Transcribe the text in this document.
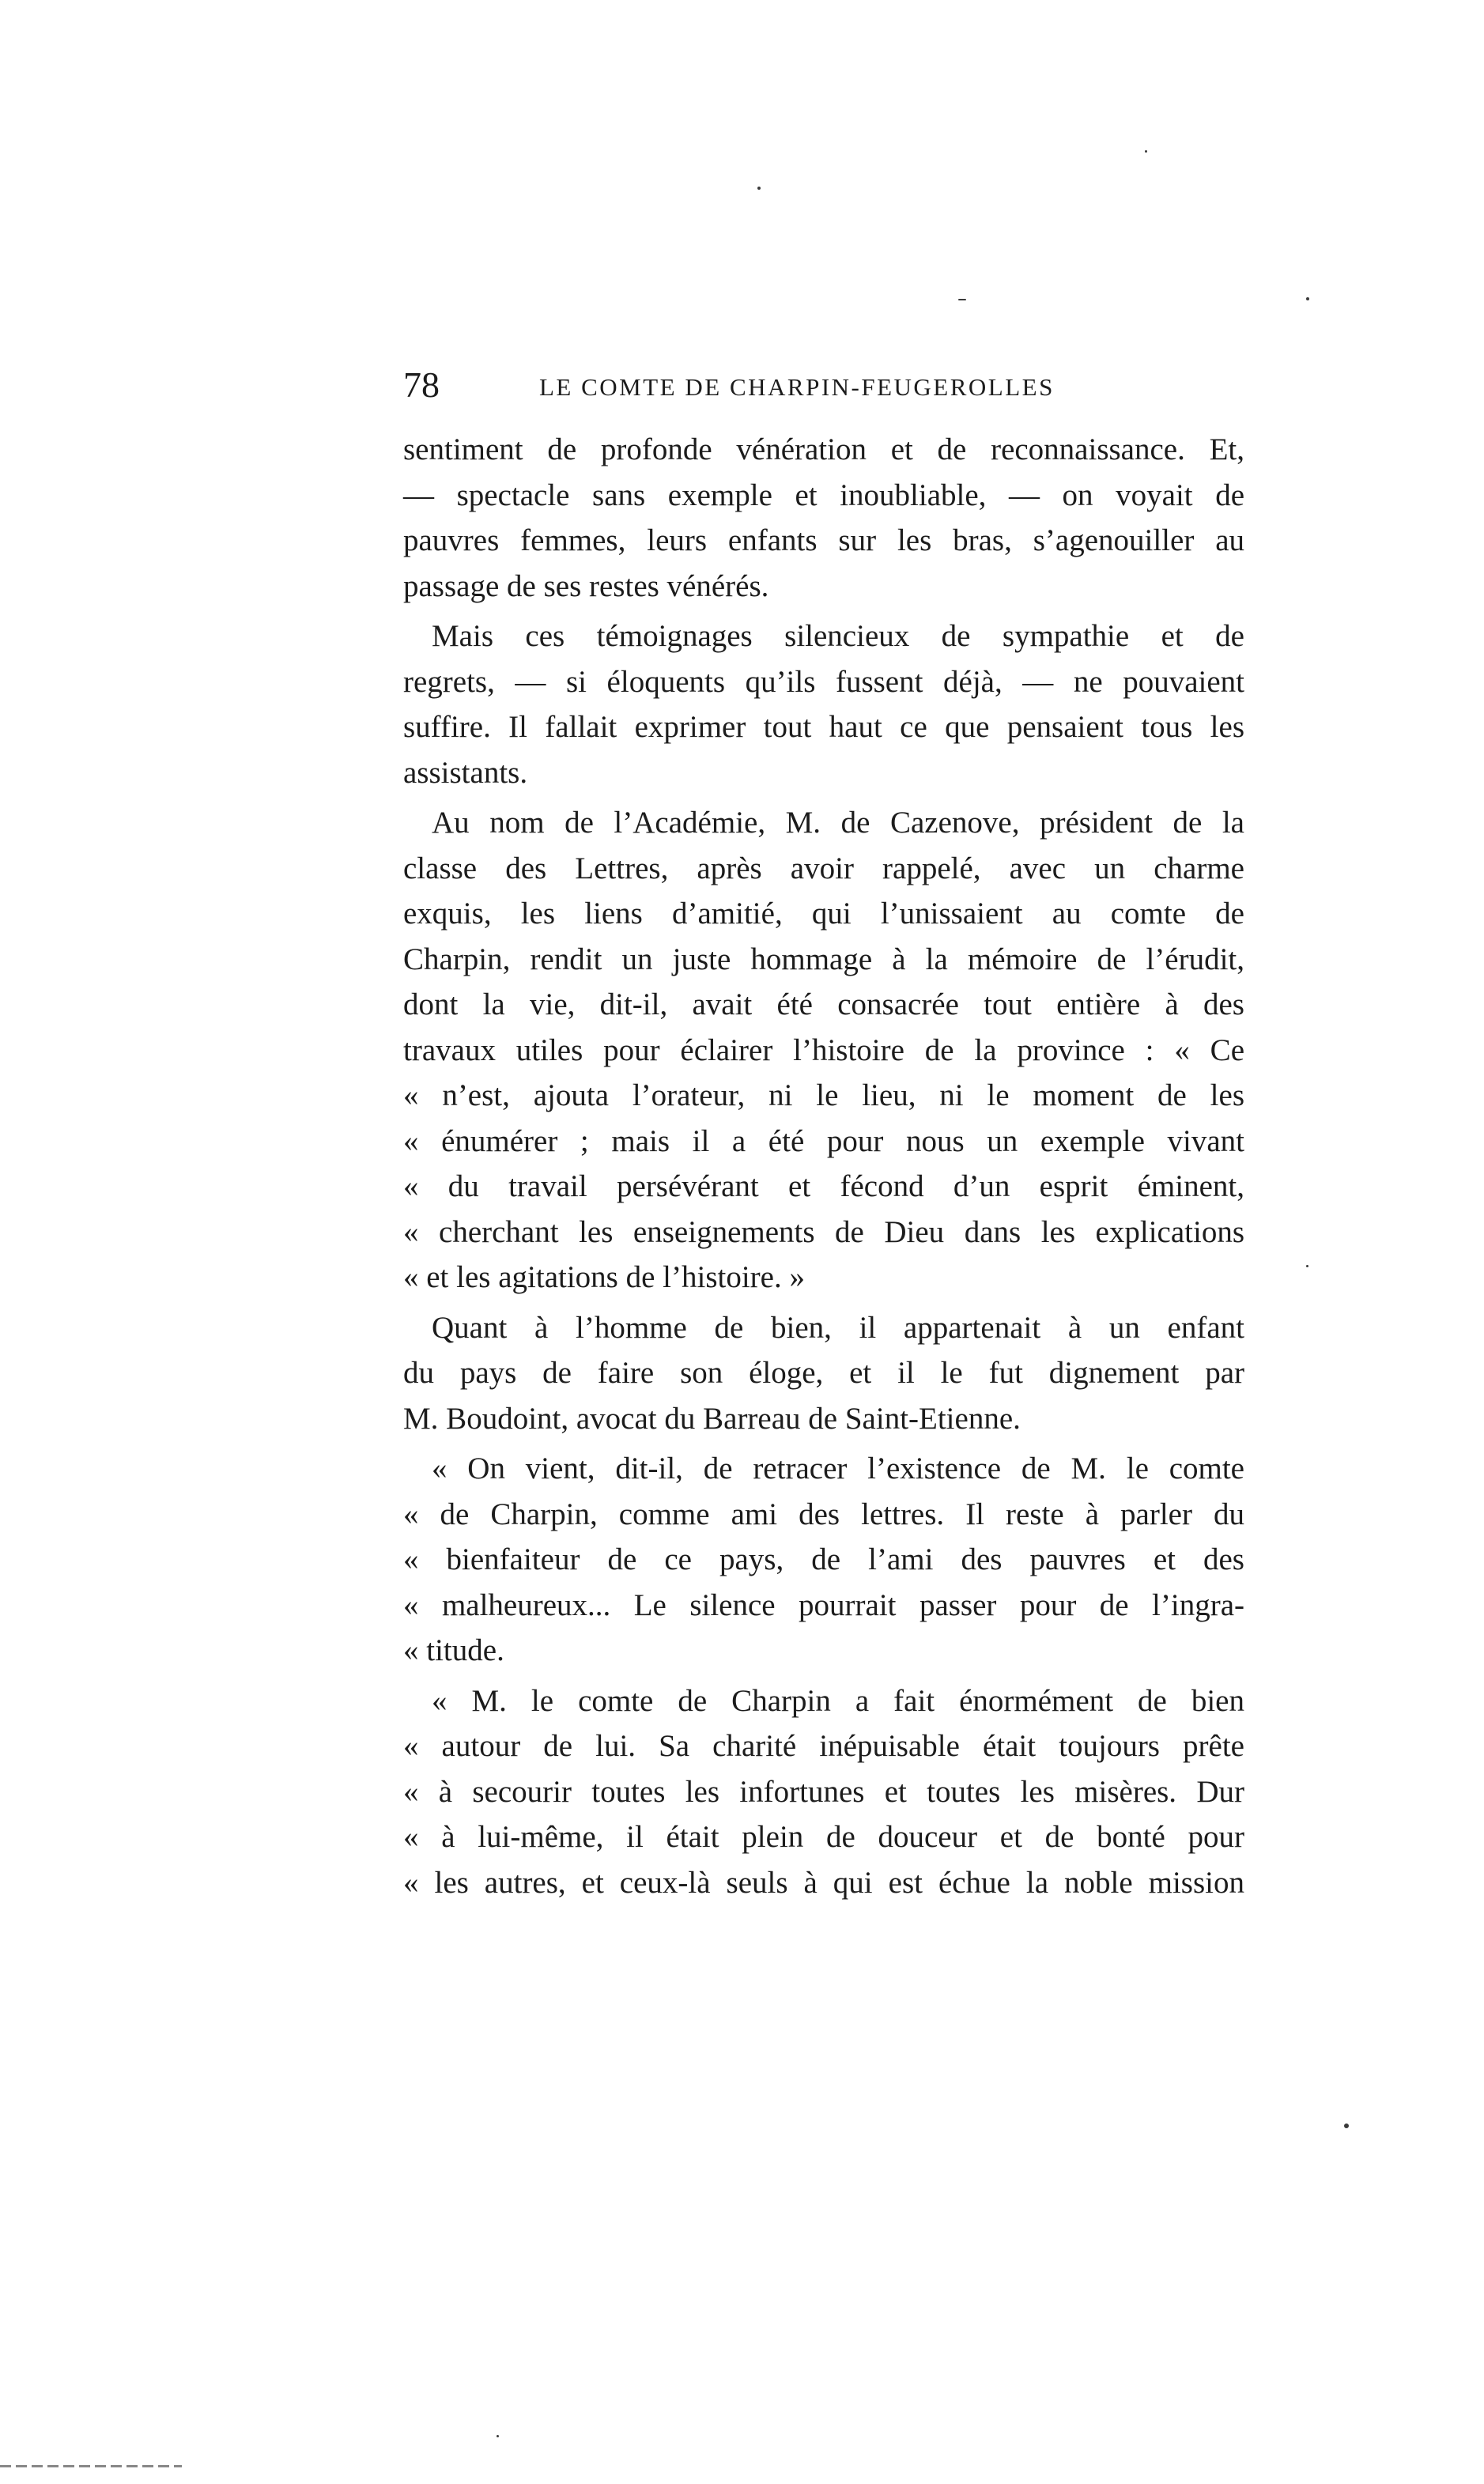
78	LE COMTE DE CHARPIN-FEUGEROLLES
sentiment de profonde vénération et de reconnaissance. Et,
— spectacle sans exemple et inoubliable, — on voyait de
pauvres femmes, leurs enfants sur les bras, s’agenouiller au
passage de ses restes vénérés.
Mais ces témoignages silencieux de sympathie et de
regrets, — si éloquents qu’ils fussent déjà, — ne pouvaient
suffire. Il fallait exprimer tout haut ce que pensaient tous les
assistants.
Au nom de l’Académie, M. de Cazenove, président de la
classe des Lettres, après avoir rappelé, avec un charme
exquis, les liens d’amitié, qui l’unissaient au comte de
Charpin, rendit un juste hommage à la mémoire de l’érudit,
dont la vie, dit-il, avait été consacrée tout entière à des
travaux utiles pour éclairer l’histoire de la province : « Ce
« n’est, ajouta l’orateur, ni le lieu, ni le moment de les
« énumérer ; mais il a été pour nous un exemple vivant
« du travail persévérant et fécond d’un esprit éminent,
« cherchant les enseignements de Dieu dans les explications
« et les agitations de l’histoire. »
Quant à l’homme de bien, il appartenait à un enfant
du pays de faire son éloge, et il le fut dignement par
M. Boudoint, avocat du Barreau de Saint-Etienne.
« On vient, dit-il, de retracer l’existence de M. le comte
« de Charpin, comme ami des lettres. Il reste à parler du
« bienfaiteur de ce pays, de l’ami des pauvres et des
« malheureux... Le silence pourrait passer pour de l’ingra-
« titude.
« M. le comte de Charpin a fait énormément de bien
« autour de lui. Sa charité inépuisable était toujours prête
« à secourir toutes les infortunes et toutes les misères. Dur
« à lui-même, il était plein de douceur et de bonté pour
« les autres, et ceux-là seuls à qui est échue la noble mission
